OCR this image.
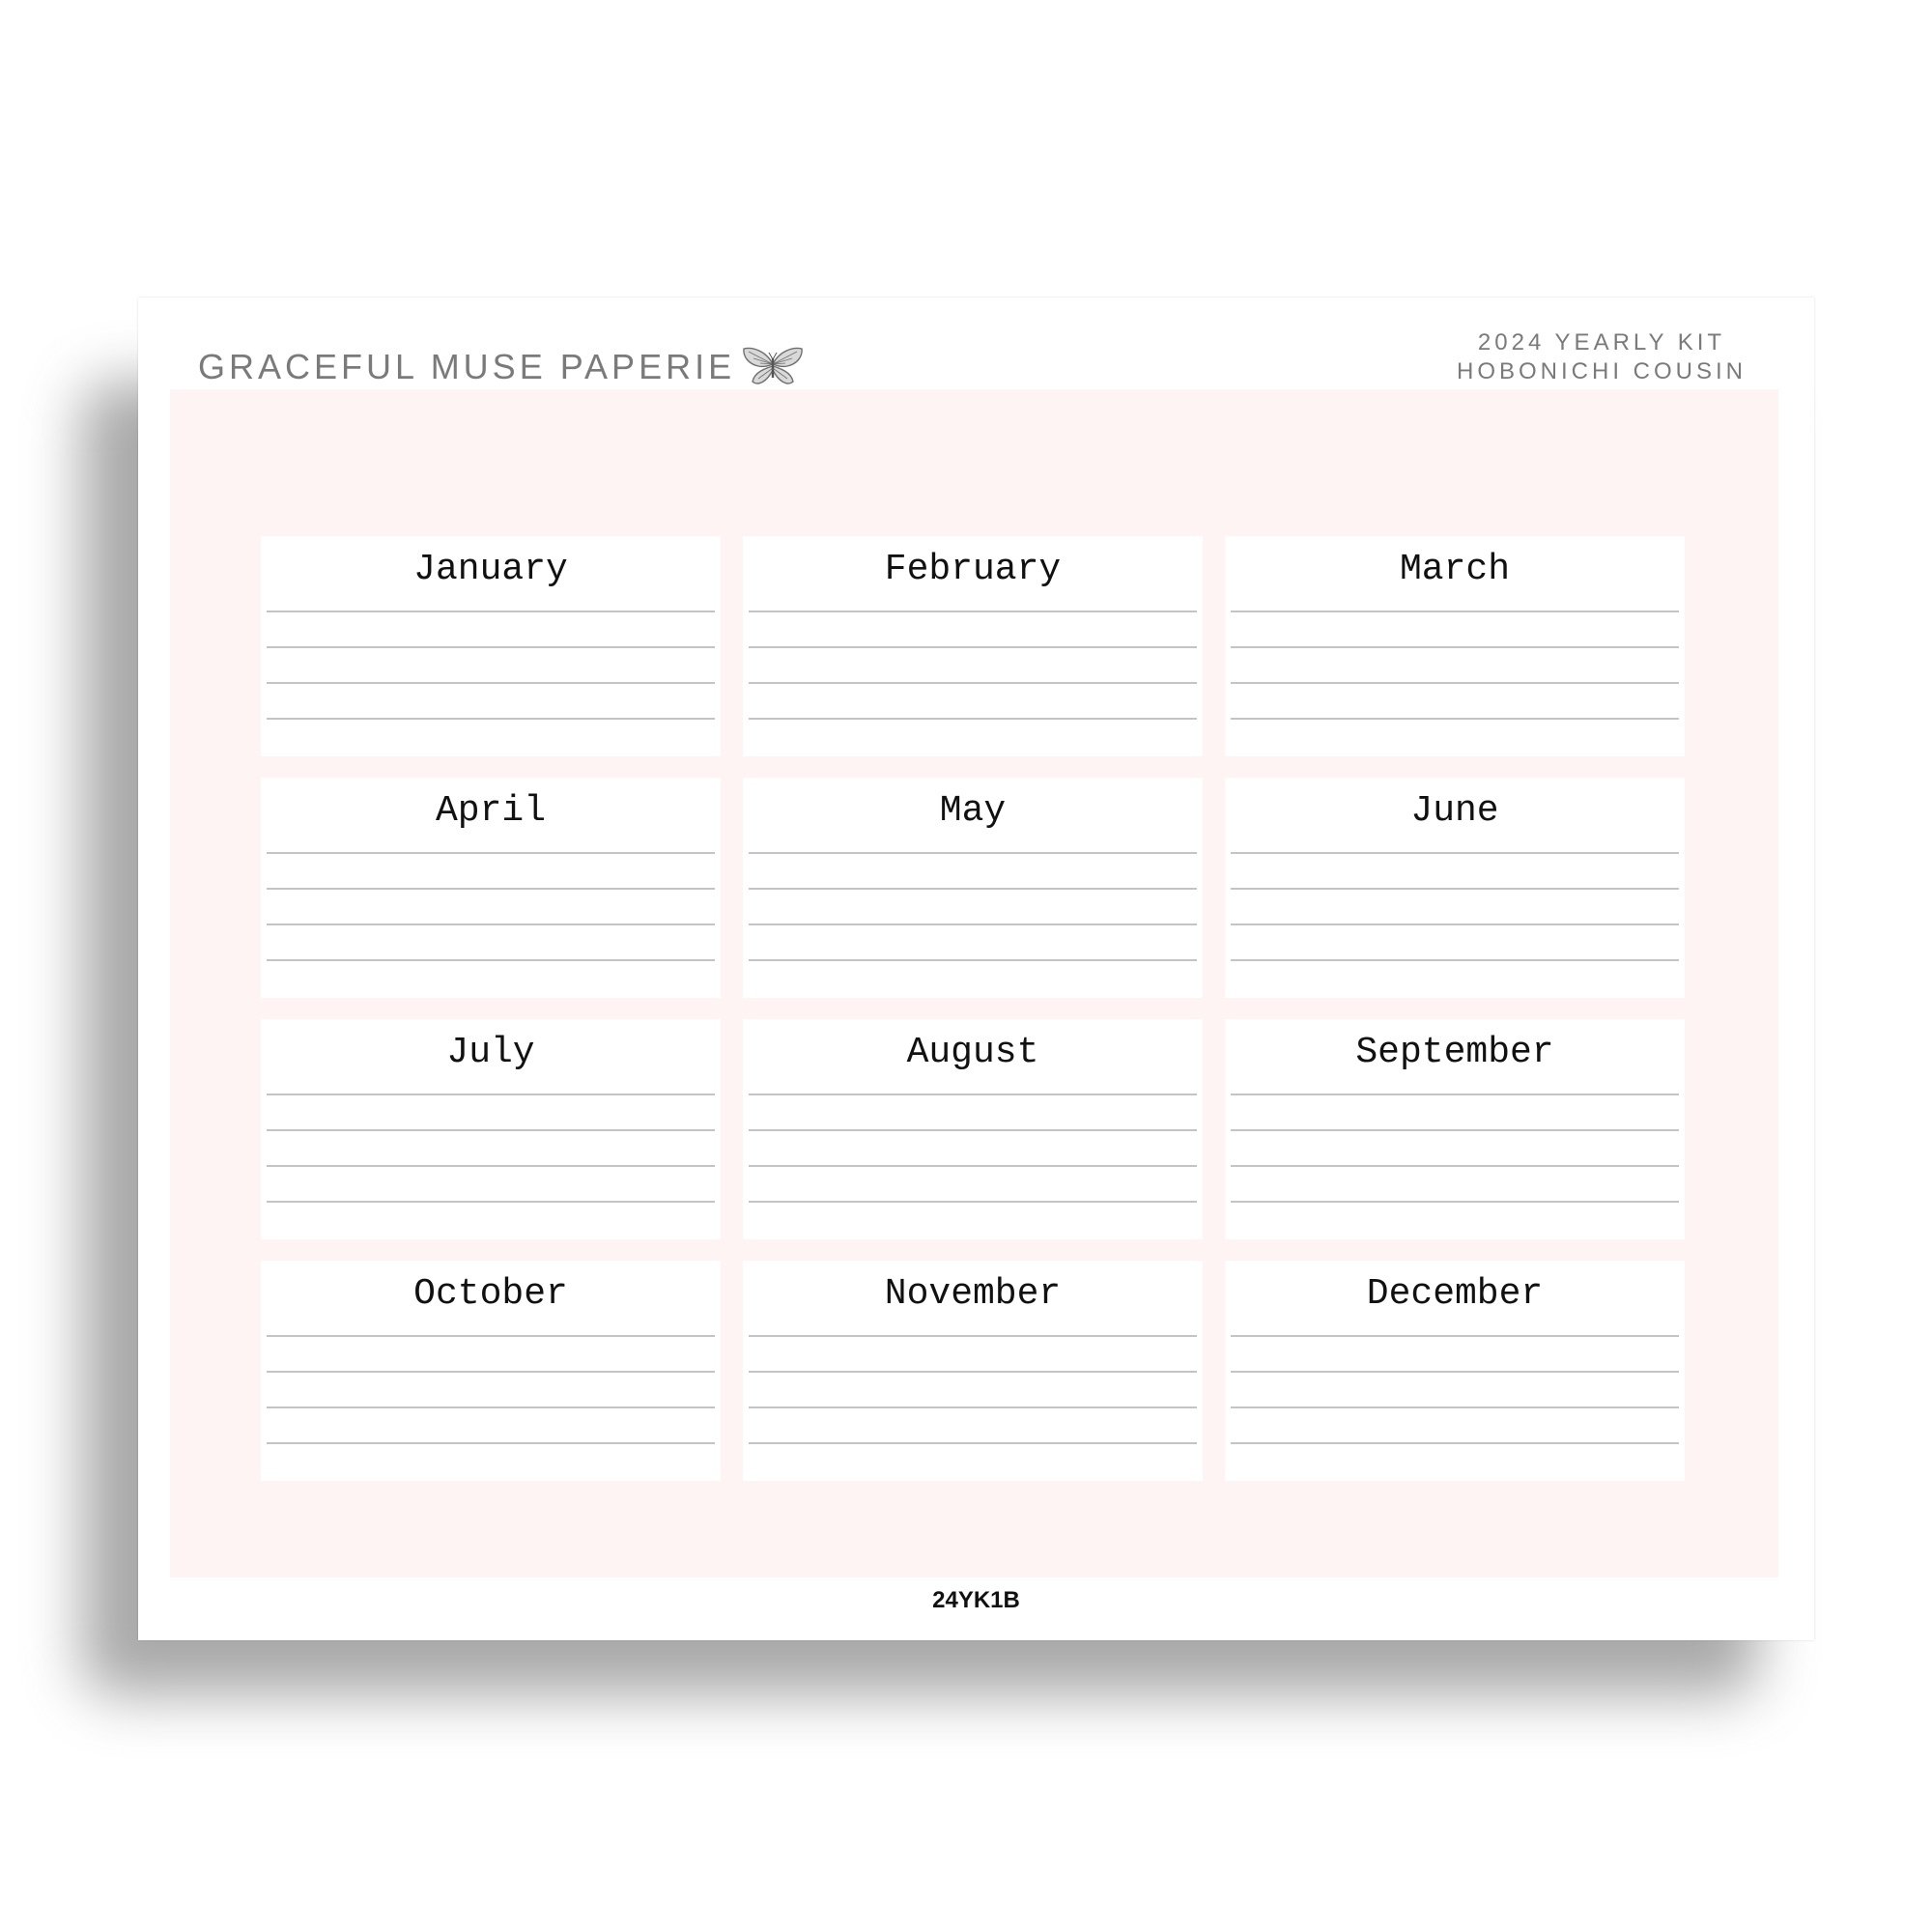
GRACEFUL MUSE PAPERIE
2024 YEARLY KIT
HOBONICHI COUSIN
January	February	March
April	May	June
July	August	September
October	November	December
24YK1B
